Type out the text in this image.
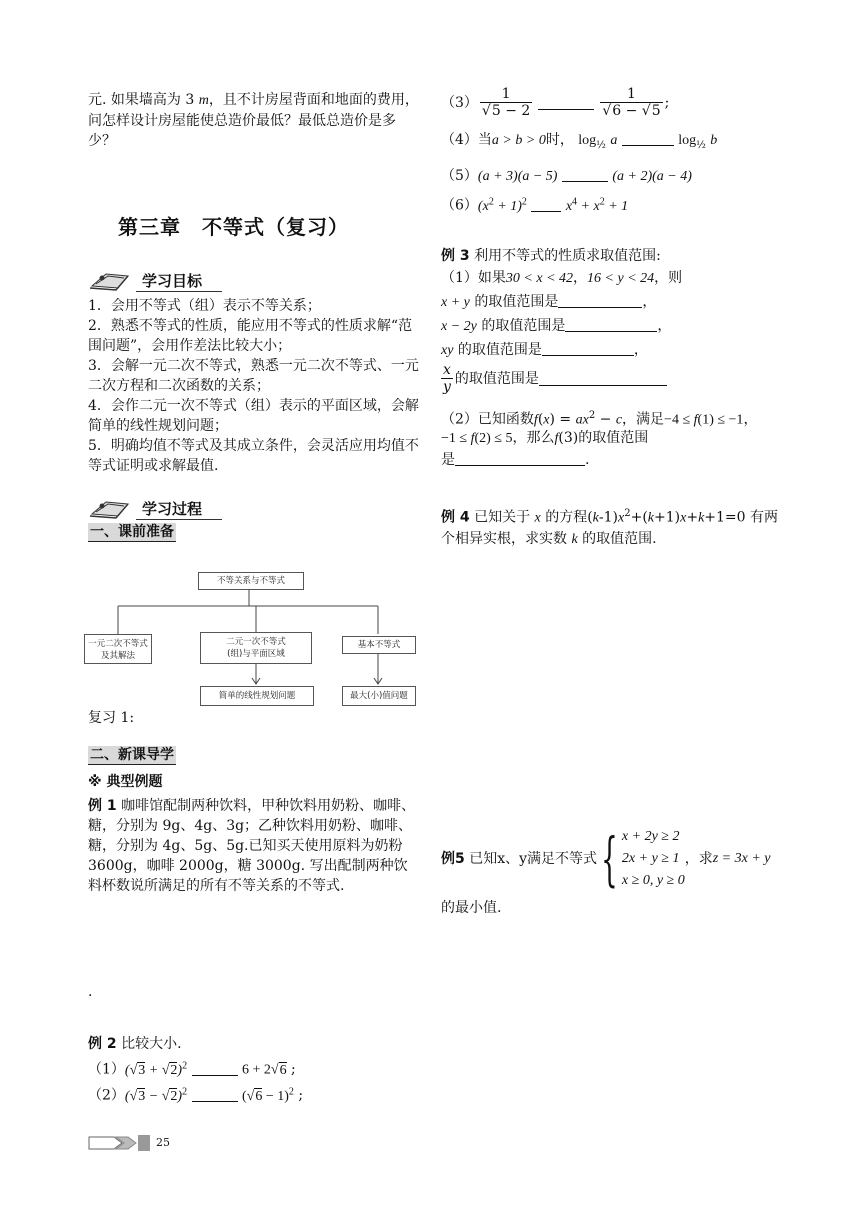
元. 如果墙高为 3 m，且不计房屋背面和地面的费用，问怎样设计房屋能使总造价最低？最低总造价是多少？

第三章　不等式（复习）
学习目标
1．会用不等式（组）表示不等关系；
2．熟悉不等式的性质，能应用不等式的性质求解“范围问题”，会用作差法比较大小；
3．会解一元二次不等式，熟悉一元二次不等式、一元二次方程和二次函数的关系；
4．会作二元一次不等式（组）表示的平面区域，会解简单的线性规划问题；
5．明确均值不等式及其成立条件，会灵活应用均值不等式证明或求解最值.
学习过程
一、课前准备
不等关系与不等式
一元二次不等式及其解法
二元一次不等式
(组)与平面区域
基本不等式
简单的线性规划问题	最大(小)值问题
复习 1:
二、新课导学
※ 典型例题

例 1 咖啡馆配制两种饮料，甲种饮料用奶粉、咖啡、糖，分别为 9g、4g、3g；乙种饮料用奶粉、咖啡、糖，分别为 4g、5g、5g.已知买天使用原料为奶粉 3600g，咖啡 2000g，糖 3000g. 写出配制两种饮料杯数说所满足的所有不等关系的不等式.

.
例 2 比较大小.
$(1)(√3 + √2)^2$	6 + 2√6 ;
$(2)(√3 - √2)^2$	$(√6 - 1)^2$ ;
$(3) \frac{1}{√5 - 2}$	$\frac{1}{√6 - √5}$ ;
（4）当a > b > 0时， $\log_{\frac{1}{2}} a$	$\log_{\frac{1}{2}} b$
（5）(a + 3)(a − 5)	(a + 2)(a − 4)
$(6)(x^2 + 1)^2$	$x^4 + x^2 + 1$
例 3 利用不等式的性质求取值范围:
（1）如果30 < x < 42，16 < y < 24，则
x + y 的取值范围是	，
x − 2y 的取值范围是	，
xy 的取值范围是	，
$\frac{x}{y}$ 的取值范围是
（2）已知函数$f(x) = ax^2 - c$，满足−4 ≤ f(1) ≤ −1，
−1 ≤ f(2) ≤ 5，那么f(3)的取值范围
是	.

例 4 已知关于 x 的方程$(k-1)x^2+(k+1)x+k+1=0$ 有两个相异实根，求实数 k 的取值范围.

例5
已知x、y满足不等式 { x + 2y ≥ 2
2x + y ≥ 1
x ≥ 0, y ≥ 0
，求 z = 3x + y
的最小值.
25
